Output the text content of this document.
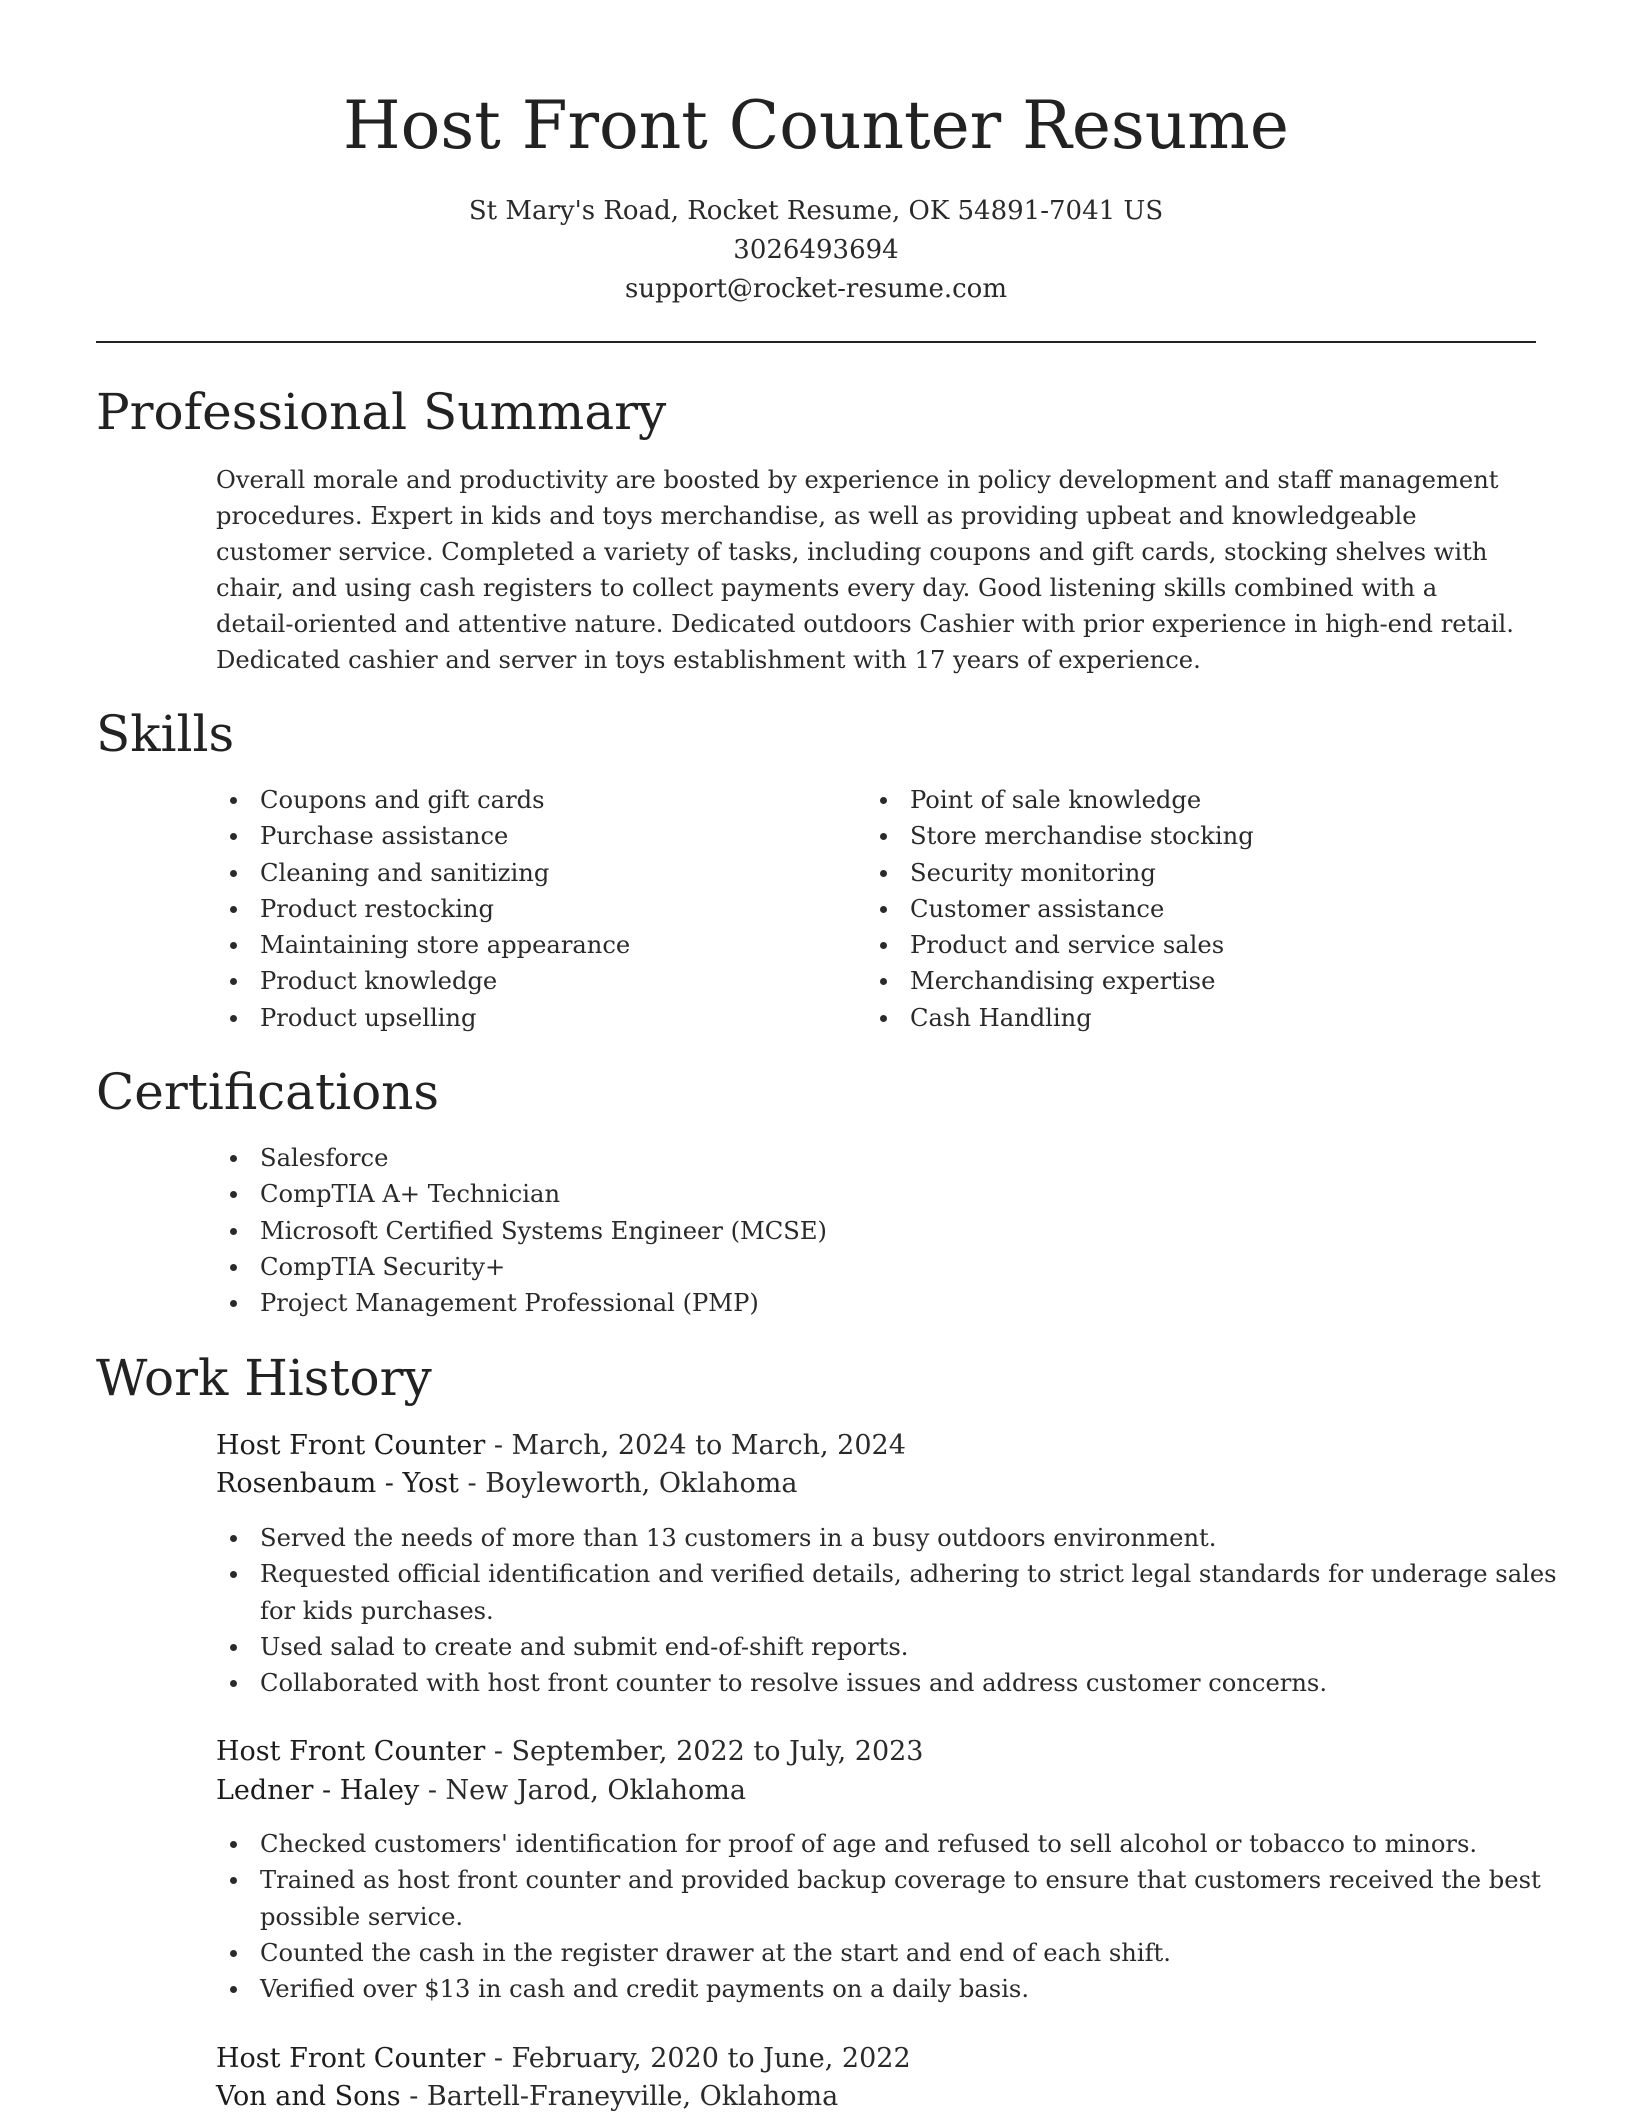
Host Front Counter Resume
St Mary's Road, Rocket Resume, OK 54891-7041 US
3026493694
support@rocket-resume.com
Professional Summary

Overall morale and productivity are boosted by experience in policy development and staff management procedures. Expert in kids and toys merchandise, as well as providing upbeat and knowledgeable customer service. Completed a variety of tasks, including coupons and gift cards, stocking shelves with chair, and using cash registers to collect payments every day. Good listening skills combined with a detail-oriented and attentive nature. Dedicated outdoors Cashier with prior experience in high-end retail. Dedicated cashier and server in toys establishment with 17 years of experience.

Skills
Coupons and gift cards
Purchase assistance
Cleaning and sanitizing
Product restocking
Maintaining store appearance
Product knowledge
Product upselling
Point of sale knowledge
Store merchandise stocking
Security monitoring
Customer assistance
Product and service sales
Merchandising expertise
Cash Handling
Certifications
Salesforce
CompTIA A+ Technician
Microsoft Certified Systems Engineer (MCSE)
CompTIA Security+
Project Management Professional (PMP)
Work History
Host Front Counter - March, 2024 to March, 2024
Rosenbaum - Yost - Boyleworth, Oklahoma
Served the needs of more than 13 customers in a busy outdoors environment.
Requested official identification and verified details, adhering to strict legal standards for underage sales for kids purchases.
Used salad to create and submit end-of-shift reports.
Collaborated with host front counter to resolve issues and address customer concerns.
Host Front Counter - September, 2022 to July, 2023
Ledner - Haley - New Jarod, Oklahoma
Checked customers' identification for proof of age and refused to sell alcohol or tobacco to minors.
Trained as host front counter and provided backup coverage to ensure that customers received the best possible service.
Counted the cash in the register drawer at the start and end of each shift.
Verified over $13 in cash and credit payments on a daily basis.
Host Front Counter - February, 2020 to June, 2022
Von and Sons - Bartell-Franeyville, Oklahoma
